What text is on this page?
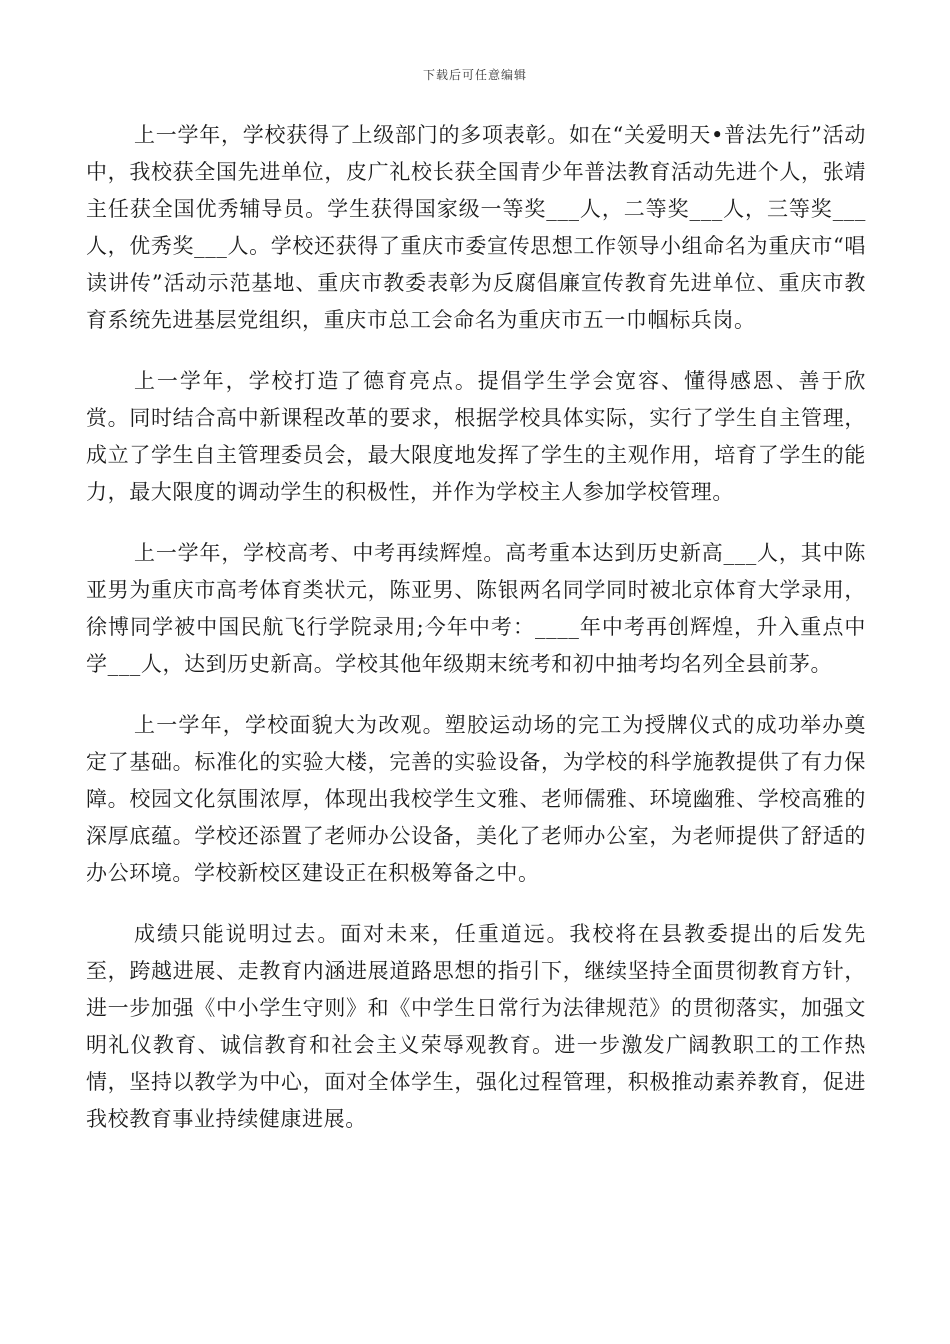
下载后可任意编辑

上一学年，学校获得了上级部门的多项表彰。如在“关爱明天•普法先行”活动中，我校获全国先进单位，皮广礼校长获全国青少年普法教育活动先进个人，张靖主任获全国优秀辅导员。学生获得国家级一等奖___人，二等奖___人，三等奖___人，优秀奖___人。学校还获得了重庆市委宣传思想工作领导小组命名为重庆市“唱读讲传”活动示范基地、重庆市教委表彰为反腐倡廉宣传教育先进单位、重庆市教育系统先进基层党组织，重庆市总工会命名为重庆市五一巾帼标兵岗。

上一学年，学校打造了德育亮点。提倡学生学会宽容、懂得感恩、善于欣赏。同时结合高中新课程改革的要求，根据学校具体实际，实行了学生自主管理，成立了学生自主管理委员会，最大限度地发挥了学生的主观作用，培育了学生的能力，最大限度的调动学生的积极性，并作为学校主人参加学校管理。

上一学年，学校高考、中考再续辉煌。高考重本达到历史新高___人，其中陈亚男为重庆市高考体育类状元，陈亚男、陈银两名同学同时被北京体育大学录用，徐博同学被中国民航飞行学院录用;今年中考：____年中考再创辉煌，升入重点中学___人，达到历史新高。学校其他年级期末统考和初中抽考均名列全县前茅。

上一学年，学校面貌大为改观。塑胶运动场的完工为授牌仪式的成功举办奠定了基础。标准化的实验大楼，完善的实验设备，为学校的科学施教提供了有力保障。校园文化氛围浓厚，体现出我校学生文雅、老师儒雅、环境幽雅、学校高雅的深厚底蕴。学校还添置了老师办公设备，美化了老师办公室，为老师提供了舒适的办公环境。学校新校区建设正在积极筹备之中。

成绩只能说明过去。面对未来，任重道远。我校将在县教委提出的后发先至，跨越进展、走教育内涵进展道路思想的指引下，继续坚持全面贯彻教育方针，进一步加强《中小学生守则》和《中学生日常行为法律规范》的贯彻落实，加强文明礼仪教育、诚信教育和社会主义荣辱观教育。进一步激发广阔教职工的工作热情，坚持以教学为中心，面对全体学生，强化过程管理，积极推动素养教育，促进我校教育事业持续健康进展。
